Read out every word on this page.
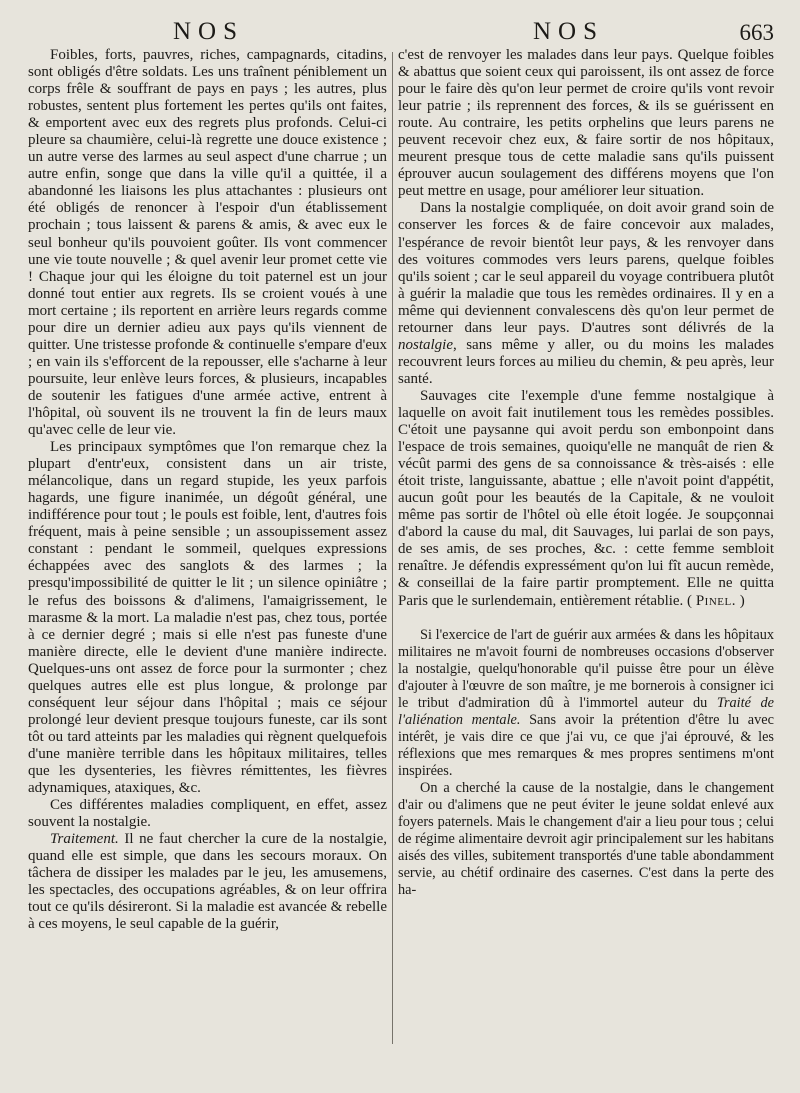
NOS	NOS	663

Foibles, forts, pauvres, riches, campagnards, citadins, sont obligés d'être soldats. Les uns traînent péniblement un corps frêle & souffrant de pays en pays ; les autres, plus robustes, sentent plus fortement les pertes qu'ils ont faites, & emportent avec eux des regrets plus profonds. Celui-ci pleure sa chaumière, celui-là regrette une douce existence ; un autre verse des larmes au seul aspect d'une charrue ; un autre enfin, songe que dans la ville qu'il a quittée, il a abandonné les liaisons les plus attachantes : plusieurs ont été obligés de renoncer à l'espoir d'un établissement prochain ; tous laissent & parens & amis, & avec eux le seul bonheur qu'ils pouvoient goûter. Ils vont commencer une vie toute nouvelle ; & quel avenir leur promet cette vie ! Chaque jour qui les éloigne du toit paternel est un jour donné tout entier aux regrets. Ils se croient voués à une mort certaine ; ils reportent en arrière leurs regards comme pour dire un dernier adieu aux pays qu'ils viennent de quitter. Une tristesse profonde & continuelle s'empare d'eux ; en vain ils s'efforcent de la repousser, elle s'acharne à leur poursuite, leur enlève leurs forces, & plusieurs, incapables de soutenir les fatigues d'une armée active, entrent à l'hôpital, où souvent ils ne trouvent la fin de leurs maux qu'avec celle de leur vie.

Les principaux symptômes que l'on remarque chez la plupart d'entr'eux, consistent dans un air triste, mélancolique, dans un regard stupide, les yeux parfois hagards, une figure inanimée, un dégoût général, une indifférence pour tout ; le pouls est foible, lent, d'autres fois fréquent, mais à peine sensible ; un assoupissement assez constant : pendant le sommeil, quelques expressions échappées avec des sanglots & des larmes ; la presqu'impossibilité de quitter le lit ; un silence opiniâtre ; le refus des boissons & d'alimens, l'amaigrissement, le marasme & la mort. La maladie n'est pas, chez tous, portée à ce dernier degré ; mais si elle n'est pas funeste d'une manière directe, elle le devient d'une manière indirecte. Quelques-uns ont assez de force pour la surmonter ; chez quelques autres elle est plus longue, & prolonge par conséquent leur séjour dans l'hôpital ; mais ce séjour prolongé leur devient presque toujours funeste, car ils sont tôt ou tard atteints par les maladies qui règnent quelquefois d'une manière terrible dans les hôpitaux militaires, telles que les dysenteries, les fièvres rémittentes, les fièvres adynamiques, ataxiques, &c.

Ces différentes maladies compliquent, en effet, assez souvent la nostalgie.

Traitement. Il ne faut chercher la cure de la nostalgie, quand elle est simple, que dans les secours moraux. On tâchera de dissiper les malades par le jeu, les amusemens, les spectacles, des occupations agréables, & on leur offrira tout ce qu'ils désireront. Si la maladie est avancée & rebelle à ces moyens, le seul capable de la guérir,

c'est de renvoyer les malades dans leur pays. Quelque foibles & abattus que soient ceux qui paroissent, ils ont assez de force pour le faire dès qu'on leur permet de croire qu'ils vont revoir leur patrie ; ils reprennent des forces, & ils se guérissent en route. Au contraire, les petits orphelins que leurs parens ne peuvent recevoir chez eux, & faire sortir de nos hôpitaux, meurent presque tous de cette maladie sans qu'ils puissent éprouver aucun soulagement des différens moyens que l'on peut mettre en usage, pour améliorer leur situation.

Dans la nostalgie compliquée, on doit avoir grand soin de conserver les forces & de faire concevoir aux malades, l'espérance de revoir bientôt leur pays, & les renvoyer dans des voitures commodes vers leurs parens, quelque foibles qu'ils soient ; car le seul appareil du voyage contribuera plutôt à guérir la maladie que tous les remèdes ordinaires. Il y en a même qui deviennent convalescens dès qu'on leur permet de retourner dans leur pays. D'autres sont délivrés de la nostalgie, sans même y aller, ou du moins les malades recouvrent leurs forces au milieu du chemin, & peu après, leur santé.

Sauvages cite l'exemple d'une femme nostalgique à laquelle on avoit fait inutilement tous les remèdes possibles. C'étoit une paysanne qui avoit perdu son embonpoint dans l'espace de trois semaines, quoiqu'elle ne manquât de rien & vécût parmi des gens de sa connoissance & très-aisés : elle étoit triste, languissante, abattue ; elle n'avoit point d'appétit, aucun goût pour les beautés de la Capitale, & ne vouloit même pas sortir de l'hôtel où elle étoit logée. Je soupçonnai d'abord la cause du mal, dit Sauvages, lui parlai de son pays, de ses amis, de ses proches, &c. : cette femme sembloit renaître. Je défendis expressément qu'on lui fît aucun remède, & conseillai de la faire partir promptement. Elle ne quitta Paris que le surlendemain, entièrement rétablie. ( Pinel. )

Si l'exercice de l'art de guérir aux armées & dans les hôpitaux militaires ne m'avoit fourni de nombreuses occasions d'observer la nostalgie, quelqu'honorable qu'il puisse être pour un élève d'ajouter à l'œuvre de son maître, je me bornerois à consigner ici le tribut d'admiration dû à l'immortel auteur du Traité de l'aliénation mentale. Sans avoir la prétention d'être lu avec intérêt, je vais dire ce que j'ai vu, ce que j'ai éprouvé, & les réflexions que mes remarques & mes propres sentimens m'ont inspirées.

On a cherché la cause de la nostalgie, dans le changement d'air ou d'alimens que ne peut éviter le jeune soldat enlevé aux foyers paternels. Mais le changement d'air a lieu pour tous ; celui de régime alimentaire devroit agir principalement sur les habitans aisés des villes, subitement transportés d'une table abondamment servie, au chétif ordinaire des casernes. C'est dans la perte des ha-
